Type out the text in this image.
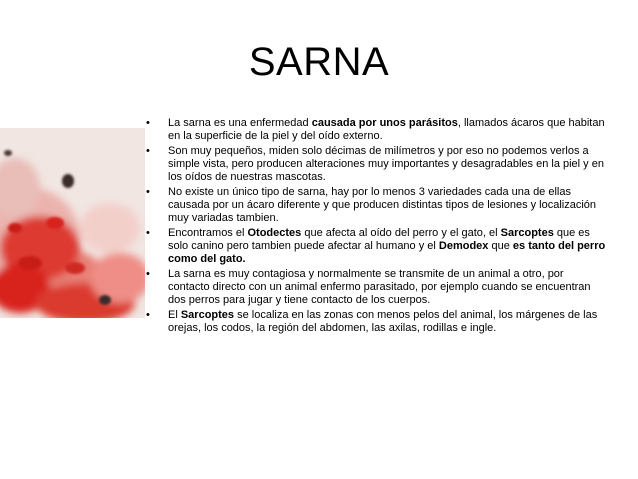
SARNA
• La sarna es una enfermedad causada por unos parásitos, llamados ácaros que habitan en la superficie de la piel y del oído externo.
• Son muy pequeños, miden solo décimas de milímetros y por eso no podemos verlos a simple vista, pero producen alteraciones muy importantes y desagradables en la piel y en los oídos de nuestras mascotas.
• No existe un único tipo de sarna, hay por lo menos 3 variedades cada una de ellas causada por un ácaro diferente y que producen distintas tipos de lesiones y localización muy variadas tambien.
• Encontramos el Otodectes que afecta al oído del perro y el gato, el Sarcoptes que es solo canino pero tambien puede afectar al humano y el Demodex que es tanto del perro como del gato.
• La sarna es muy contagiosa y normalmente se transmite de un animal a otro, por contacto directo con un animal enfermo parasitado, por ejemplo cuando se encuentran dos perros para jugar y tiene contacto de los cuerpos.
• El Sarcoptes se localiza en las zonas con menos pelos del animal, los márgenes de las orejas, los codos, la región del abdomen, las axilas, rodillas e ingle.
